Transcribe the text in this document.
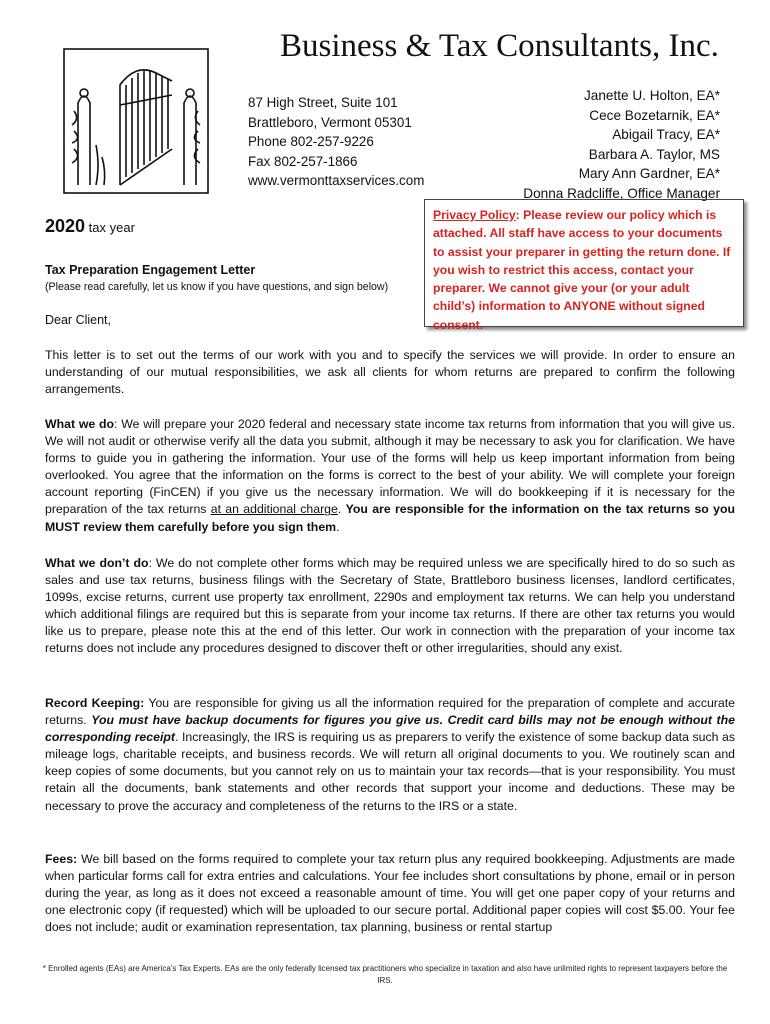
Business & Tax Consultants, Inc.
87 High Street, Suite 101
Brattleboro, Vermont 05301
Phone 802-257-9226
Fax 802-257-1866
www.vermonttaxservices.com
Janette U. Holton, EA*
Cece Bozetarnik, EA*
Abigail Tracy, EA*
Barbara A. Taylor, MS
Mary Ann Gardner, EA*
Donna Radcliffe, Office Manager
Privacy Policy: Please review our policy which is attached. All staff have access to your documents to assist your preparer in getting the return done. If you wish to restrict this access, contact your preparer. We cannot give your (or your adult child’s) information to ANYONE without signed consent.
2020 tax year
Tax Preparation Engagement Letter
(Please read carefully, let us know if you have questions, and sign below)
Dear Client,
This letter is to set out the terms of our work with you and to specify the services we will provide. In order to ensure an understanding of our mutual responsibilities, we ask all clients for whom returns are prepared to confirm the following arrangements.
What we do: We will prepare your 2020 federal and necessary state income tax returns from information that you will give us. We will not audit or otherwise verify all the data you submit, although it may be necessary to ask you for clarification. We have forms to guide you in gathering the information. Your use of the forms will help us keep important information from being overlooked. You agree that the information on the forms is correct to the best of your ability. We will complete your foreign account reporting (FinCEN) if you give us the necessary information. We will do bookkeeping if it is necessary for the preparation of the tax returns at an additional charge. You are responsible for the information on the tax returns so you MUST review them carefully before you sign them.
What we don’t do: We do not complete other forms which may be required unless we are specifically hired to do so such as sales and use tax returns, business filings with the Secretary of State, Brattleboro business licenses, landlord certificates, 1099s, excise returns, current use property tax enrollment, 2290s and employment tax returns. We can help you understand which additional filings are required but this is separate from your income tax returns. If there are other tax returns you would like us to prepare, please note this at the end of this letter. Our work in connection with the preparation of your income tax returns does not include any procedures designed to discover theft or other irregularities, should any exist.
Record Keeping: You are responsible for giving us all the information required for the preparation of complete and accurate returns. You must have backup documents for figures you give us. Credit card bills may not be enough without the corresponding receipt. Increasingly, the IRS is requiring us as preparers to verify the existence of some backup data such as mileage logs, charitable receipts, and business records. We will return all original documents to you. We routinely scan and keep copies of some documents, but you cannot rely on us to maintain your tax records—that is your responsibility. You must retain all the documents, bank statements and other records that support your income and deductions. These may be necessary to prove the accuracy and completeness of the returns to the IRS or a state.
Fees: We bill based on the forms required to complete your tax return plus any required bookkeeping. Adjustments are made when particular forms call for extra entries and calculations. Your fee includes short consultations by phone, email or in person during the year, as long as it does not exceed a reasonable amount of time. You will get one paper copy of your returns and one electronic copy (if requested) which will be uploaded to our secure portal. Additional paper copies will cost $5.00. Your fee does not include; audit or examination representation, tax planning, business or rental startup
* Enrolled agents (EAs) are America’s Tax Experts. EAs are the only federally licensed tax practitioners who specialize in taxation and also have unlimited rights to represent taxpayers before the IRS.
